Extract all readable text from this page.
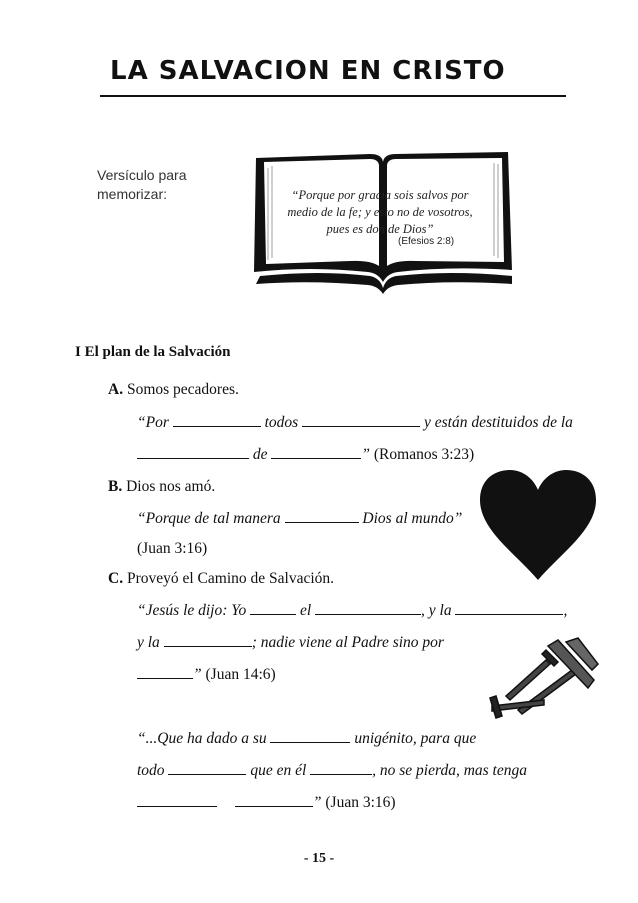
LA SALVACION EN CRISTO
Versículo para
memorizar:	“Porque por gracia sois salvos por
medio de la fe; y esto no de vosotros,
pues es don de Dios”
(Efesios 2:8)
I El plan de la Salvación
A. Somos pecadores.
“Por	todos	y están destituidos de la
de	” (Romanos 3:23)
B. Dios nos amó.
“Porque de tal manera	Dios al mundo”
(Juan 3:16)
C. Proveyó el Camino de Salvación.
“Jesús le dijo: Yo	el	, y la	,
y la	; nadie viene al Padre sino por
” (Juan 14:6)
“...Que ha dado a su	unigénito, para que
todo	que en él	, no se pierda, mas tenga
” (Juan 3:16)
- 15 -
